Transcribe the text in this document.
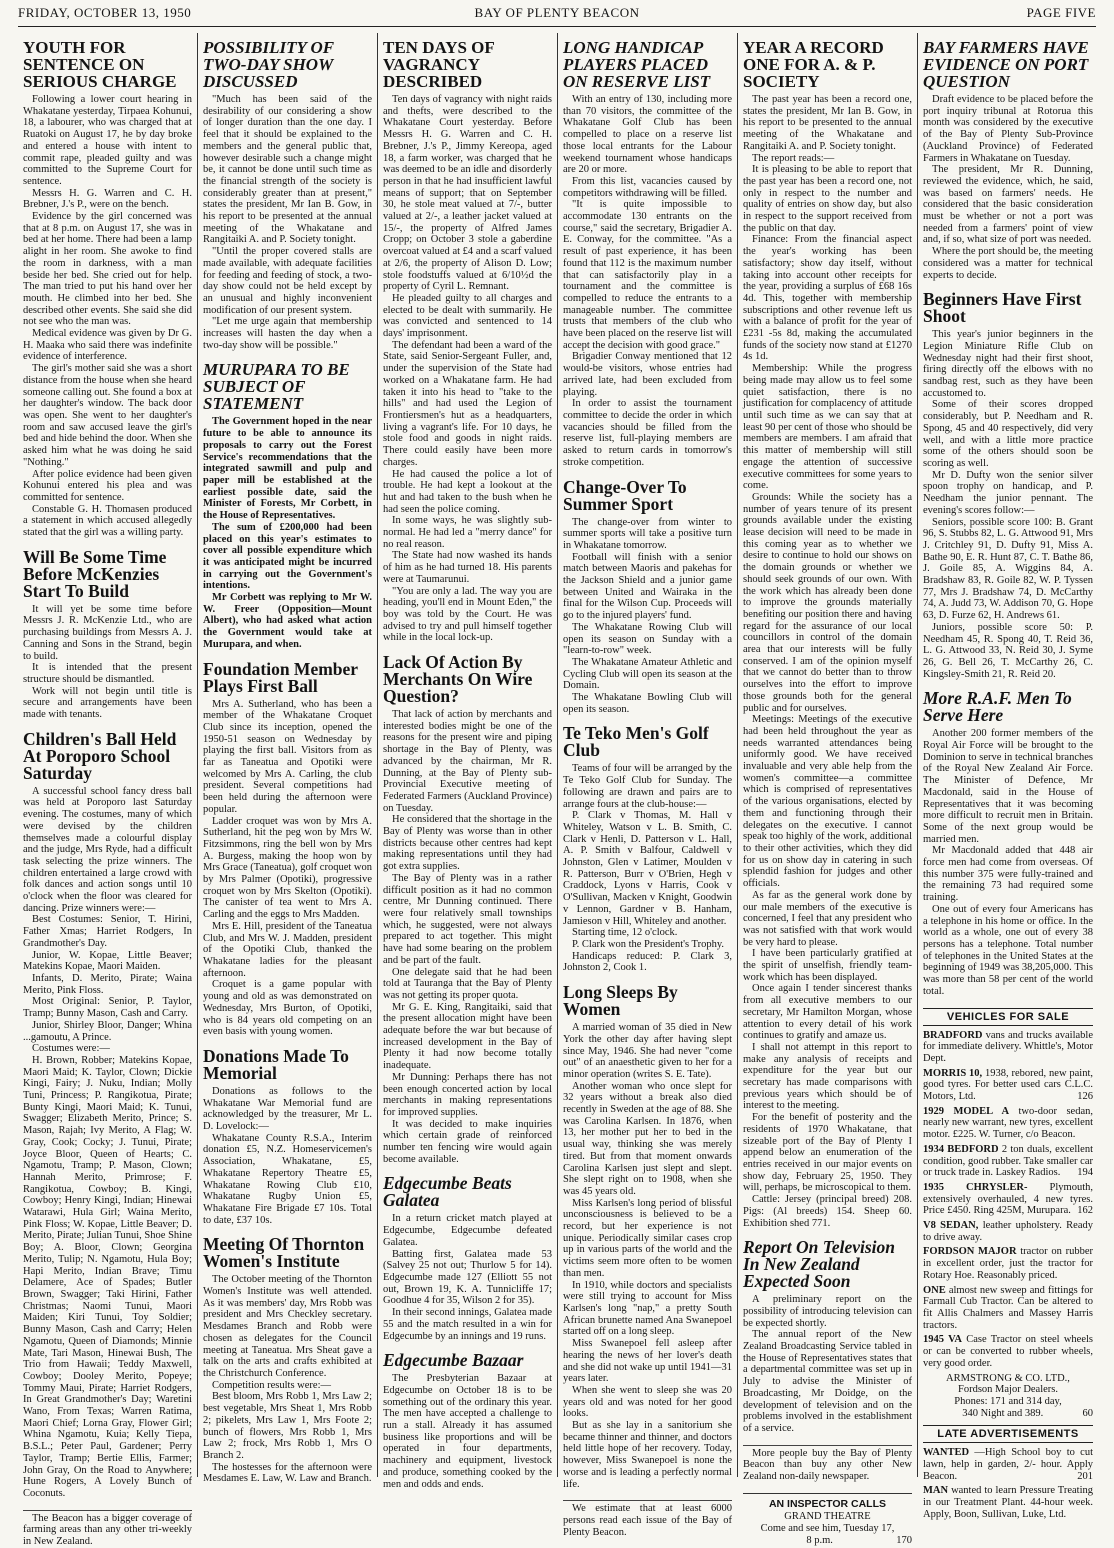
FRIDAY, OCTOBER 13, 1950	BAY OF PLENTY BEACON	PAGE FIVE
YOUTH FOR SENTENCE ON SERIOUS CHARGE

Following a lower court hearing in Whakatane yesterday, Tirpaea Kohunui, 18, a labourer, who was charged that at Ruatoki on August 17, he by day broke and entered a house with intent to commit rape, pleaded guilty and was committed to the Supreme Court for sentence.

Messrs H. G. Warren and C. H. Brebner, J.'s P., were on the bench.

Evidence by the girl concerned was that at 8 p.m. on August 17, she was in bed at her home. There had been a lamp alight in her room. She awoke to find the room in darkness, with a man beside her bed. She cried out for help. The man tried to put his hand over her mouth. He climbed into her bed. She described other events. She said she did not see who the man was.

Medical evidence was given by Dr G. H. Maaka who said there was indefinite evidence of interference.

The girl's mother said she was a short distance from the house when she heard someone calling out. She found a box at her daughter's window. The back door was open. She went to her daughter's room and saw accused leave the girl's bed and hide behind the door. When she asked him what he was doing he said "Nothing."

After police evidence had been given Kohunui entered his plea and was committed for sentence.

Constable G. H. Thomasen produced a statement in which accused allegedly stated that the girl was a willing party.

Will Be Some Time Before McKenzies Start To Build

It will yet be some time before Messrs J. R. McKenzie Ltd., who are purchasing buildings from Messrs A. J. Canning and Sons in the Strand, begin to build.

It is intended that the present structure should be dismantled.

Work will not begin until title is secure and arrangements have been made with tenants.

Children's Ball Held At Poroporo School Saturday

A successful school fancy dress ball was held at Poroporo last Saturday evening. The costumes, many of which were devised by the children themselves made a colourful display and the judge, Mrs Ryde, had a difficult task selecting the prize winners. The children entertained a large crowd with folk dances and action songs until 10 o'clock when the floor was cleared for dancing. Prize winners were:—

Best Costumes: Senior, T. Hirini, Father Xmas; Harriet Rodgers, In Grandmother's Day.

Junior, W. Kopae, Little Beaver; Matekins Kopae, Maori Maiden.

Infants, D. Merito, Pirate; Waina Merito, Pink Floss.

Most Original: Senior, P. Taylor, Tramp; Bunny Mason, Cash and Carry.

Junior, Shirley Bloor, Danger; Whina ...gamoutu, A Prince.

Costumes were:—

H. Brown, Robber; Matekins Kopae, Maori Maid; K. Taylor, Clown; Dickie Kingi, Fairy; J. Nuku, Indian; Molly Tuni, Princess; P. Rangikotua, Pirate; Bunty Kingi, Maori Maid; K. Tunui, Swagger; Elizabeth Merito, Prince; S. Mason, Rajah; Ivy Merito, A Flag; W. Gray, Cook; Cocky; J. Tunui, Pirate; Joyce Bloor, Queen of Hearts; C. Ngamotu, Tramp; P. Mason, Clown; Hannah Merito, Primrose; F. Rangikotua, Cowboy; B. Kingi, Cowboy; Henry Kingi, Indian; Hinewai Watarawi, Hula Girl; Waina Merito, Pink Floss; W. Kopae, Little Beaver; D. Merito, Pirate; Julian Tunui, Shoe Shine Boy; A. Bloor, Clown; Georgina Merito, Tulip; N. Ngamotu, Hula Boy; Hapi Merito, Indian Brave; Timu Delamere, Ace of Spades; Butler Brown, Swagger; Taki Hirini, Father Christmas; Naomi Tunui, Maori Maiden; Kiri Tunui, Toy Soldier; Bunny Mason, Cash and Carry; Helen Ngamotu, Queen of Diamonds; Minnie Mate, Tari Mason, Hinewai Bush, The Trio from Hawaii; Teddy Maxwell, Cowboy; Dooley Merito, Popeye; Tommy Maui, Pirate; Harriet Rodgers, In Great Grandmother's Day; Waretini Wano, From Texas; Warren Ratima, Maori Chief; Lorna Gray, Flower Girl; Whina Ngamotu, Kuia; Kelly Tiepa, B.S.L.; Peter Paul, Gardener; Perry Taylor, Tramp; Bertie Ellis, Farmer; John Gray, On the Road to Anywhere; Hune Rogers, A Lovely Bunch of Coconuts.

The Beacon has a bigger coverage of farming areas than any other tri-weekly in New Zealand.

POSSIBILITY OF TWO-DAY SHOW DISCUSSED

"Much has been said of the desirability of our considering a show of longer duration than the one day. I feel that it should be explained to the members and the general public that, however desirable such a change might be, it cannot be done until such time as the financial strength of the society is considerably greater than at present," states the president, Mr Ian B. Gow, in his report to be presented at the annual meeting of the Whakatane and Rangitaiki A. and P. Society tonight.

"Until the proper covered stalls are made available, with adequate facilities for feeding and feeding of stock, a two-day show could not be held except by an unusual and highly inconvenient modification of our present system.

"Let me urge again that membership increases will hasten the day when a two-day show will be possible."

MURUPARA TO BE SUBJECT OF STATEMENT

The Government hoped in the near future to be able to announce its proposals to carry out the Forest Service's recommendations that the integrated sawmill and pulp and paper mill be established at the earliest possible date, said the Minister of Forests, Mr Corbett, in the House of Representatives.

The sum of £200,000 had been placed on this year's estimates to cover all possible expenditure which it was anticipated might be incurred in carrying out the Government's intentions.

Mr Corbett was replying to Mr W. W. Freer (Opposition—Mount Albert), who had asked what action the Government would take at Murupara, and when.

Foundation Member Plays First Ball

Mrs A. Sutherland, who has been a member of the Whakatane Croquet Club since its inception, opened the 1950-51 season on Wednesday by playing the first ball. Visitors from as far as Taneatua and Opotiki were welcomed by Mrs A. Carling, the club president. Several competitions had been held during the afternoon were popular.

Ladder croquet was won by Mrs A. Sutherland, hit the peg won by Mrs W. Fitzsimmons, ring the bell won by Mrs A. Burgess, making the hoop won by Mrs Grace (Taneatua), golf croquet won by Mrs Palmer (Opotiki), progressive croquet won by Mrs Skelton (Opotiki). The canister of tea went to Mrs A. Carling and the eggs to Mrs Madden.

Mrs E. Hill, president of the Taneatua Club, and Mrs W. J. Madden, president of the Opotiki Club, thanked the Whakatane ladies for the pleasant afternoon.

Croquet is a game popular with young and old as was demonstrated on Wednesday, Mrs Burton, of Opotiki, who is 84 years old competing on an even basis with young women.

Donations Made To Memorial

Donations as follows to the Whakatane War Memorial fund are acknowledged by the treasurer, Mr L. D. Lovelock:—

Whakatane County R.S.A., Interim donation £5, N.Z. Homeservicemen's Association, Whakatane, £5, Whakatane Repertory Theatre £5, Whakatane Rowing Club £10, Whakatane Rugby Union £5, Whakatane Fire Brigade £7 10s. Total to date, £37 10s.

Meeting Of Thornton Women's Institute

The October meeting of the Thornton Women's Institute was well attended. As it was members' day, Mrs Robb was president and Mrs Checkley secretary. Mesdames Branch and Robb were chosen as delegates for the Council meeting at Taneatua. Mrs Sheat gave a talk on the arts and crafts exhibited at the Christchurch Conference.

Competition results were:—

Best bloom, Mrs Robb 1, Mrs Law 2; best vegetable, Mrs Sheat 1, Mrs Robb 2; pikelets, Mrs Law 1, Mrs Foote 2; bunch of flowers, Mrs Robb 1, Mrs Law 2; frock, Mrs Robb 1, Mrs O Branch 2.

The hostesses for the afternoon were Mesdames E. Law, W. Law and Branch.

TEN DAYS OF VAGRANCY DESCRIBED

Ten days of vagrancy with night raids and thefts, were described to the Whakatane Court yesterday. Before Messrs H. G. Warren and C. H. Brebner, J.'s P., Jimmy Kereopa, aged 18, a farm worker, was charged that he was deemed to be an idle and disorderly person in that he had insufficient lawful means of support; that on September 30, he stole meat valued at 7/-, butter valued at 2/-, a leather jacket valued at 15/-, the property of Alfred James Cropp; on October 3 stole a gaberdine overcoat valued at £4 and a scarf valued at 2/6, the property of Alison D. Low; stole foodstuffs valued at 6/10½d the property of Cyril L. Remnant.

He pleaded guilty to all charges and elected to be dealt with summarily. He was convicted and sentenced to 14 days' imprisonment.

The defendant had been a ward of the State, said Senior-Sergeant Fuller, and, under the supervision of the State had worked on a Whakatane farm. He had taken it into his head to "take to the hills" and had used the Legion of Frontiersmen's hut as a headquarters, living a vagrant's life. For 10 days, he stole food and goods in night raids. There could easily have been more charges.

He had caused the police a lot of trouble. He had kept a lookout at the hut and had taken to the bush when he had seen the police coming.

In some ways, he was slightly sub-normal. He had led a "merry dance" for no real reason.

The State had now washed its hands of him as he had turned 18. His parents were at Taumarunui.

"You are only a lad. The way you are heading, you'll end in Mount Eden," the boy was told by the Court. He was advised to try and pull himself together while in the local lock-up.

Lack Of Action By Merchants On Wire Question?

That lack of action by merchants and interested bodies might be one of the reasons for the present wire and piping shortage in the Bay of Plenty, was advanced by the chairman, Mr R. Dunning, at the Bay of Plenty sub-Provincial Executive meeting of Federated Farmers (Auckland Province) on Tuesday.

He considered that the shortage in the Bay of Plenty was worse than in other districts because other centres had kept making representations until they had got extra supplies.

The Bay of Plenty was in a rather difficult position as it had no common centre, Mr Dunning continued. There were four relatively small townships which, he suggested, were not always prepared to act together. This might have had some bearing on the problem and be part of the fault.

One delegate said that he had been told at Tauranga that the Bay of Plenty was not getting its proper quota.

Mr G. E. King, Rangitaiki, said that the present allocation might have been adequate before the war but because of increased development in the Bay of Plenty it had now become totally inadequate.

Mr Dunning: Perhaps there has not been enough concerted action by local merchants in making representations for improved supplies.

It was decided to make inquiries which certain grade of reinforced number ten fencing wire would again become available.

Edgecumbe Beats Galatea

In a return cricket match played at Edgecumbe, Edgecumbe defeated Galatea.

Batting first, Galatea made 53 (Salvey 25 not out; Thurlow 5 for 14). Edgecumbe made 127 (Elliott 55 not out, Brown 19, K. A. Tunnicliffe 17; Goodhue 4 for 35, Wilson 2 for 35).

In their second innings, Galatea made 55 and the match resulted in a win for Edgecumbe by an innings and 19 runs.

Edgecumbe Bazaar

The Presbyterian Bazaar at Edgecumbe on October 18 is to be something out of the ordinary this year. The men have accepted a challenge to run a stall. Already it has assumed business like proportions and will be operated in four departments, machinery and equipment, livestock and produce, something cooked by the men and odds and ends.

LONG HANDICAP PLAYERS PLACED ON RESERVE LIST

With an entry of 130, including more than 70 visitors, the committee of the Whakatane Golf Club has been compelled to place on a reserve list those local entrants for the Labour weekend tournament whose handicaps are 20 or more.

From this list, vacancies caused by competitors withdrawing will be filled.

"It is quite impossible to accommodate 130 entrants on the course," said the secretary, Brigadier A. E. Conway, for the committee. "As a result of past experience, it has been found that 112 is the maximum number that can satisfactorily play in a tournament and the committee is compelled to reduce the entrants to a manageable number. The committee trusts that members of the club who have been placed on the reserve list will accept the decision with good grace."

Brigadier Conway mentioned that 12 would-be visitors, whose entries had arrived late, had been excluded from playing.

In order to assist the tournament committee to decide the order in which vacancies should be filled from the reserve list, full-playing members are asked to return cards in tomorrow's stroke competition.

Change-Over To Summer Sport

The change-over from winter to summer sports will take a positive turn in Whakatane tomorrow.

Football will finish with a senior match between Maoris and pakehas for the Jackson Shield and a junior game between United and Wairaka in the final for the Wilson Cup. Proceeds will go to the injured players' fund.

The Whakatane Rowing Club will open its season on Sunday with a "learn-to-row" week.

The Whakatane Amateur Athletic and Cycling Club will open its season at the Domain.

The Whakatane Bowling Club will open its season.

Te Teko Men's Golf Club

Teams of four will be arranged by the Te Teko Golf Club for Sunday. The following are drawn and pairs are to arrange fours at the club-house:—

P. Clark v Thomas, M. Hall v Whiteley, Watson v L. B. Smith, C. Clark v Henli, D. Patterson v L. Hall, A. P. Smith v Balfour, Caldwell v Johnston, Glen v Latimer, Moulden v R. Patterson, Burr v O'Brien, Hegh v Craddock, Lyons v Harris, Cook v O'Sullivan, Macken v Knight, Goodwin v Lennon, Gardner v B. Hanham, Jamieson v Hill, Whiteley and another.

Starting time, 12 o'clock.

P. Clark won the President's Trophy.

Handicaps reduced: P. Clark 3, Johnston 2, Cook 1.

Long Sleeps By Women

A married woman of 35 died in New York the other day after having slept since May, 1946. She had never "come out" of an anaesthetic given to her for a minor operation (writes S. E. Tate).

Another woman who once slept for 32 years without a break also died recently in Sweden at the age of 88. She was Carolina Karlsen. In 1876, when 13, her mother put her to bed in the usual way, thinking she was merely tired. But from that moment onwards Carolina Karlsen just slept and slept. She slept right on to 1908, when she was 45 years old.

Miss Karlsen's long period of blissful unconsciousness is believed to be a record, but her experience is not unique. Periodically similar cases crop up in various parts of the world and the victims seem more often to be women than men.

In 1910, while doctors and specialists were still trying to account for Miss Karlsen's long "nap," a pretty South African brunette named Ana Swanepoel started off on a long sleep.

Miss Swanepoel fell asleep after hearing the news of her lover's death and she did not wake up until 1941—31 years later.

When she went to sleep she was 20 years old and was noted for her good looks.

But as she lay in a sanitorium she became thinner and thinner, and doctors held little hope of her recovery. Today, however, Miss Swanepoel is none the worse and is leading a perfectly normal life.

We estimate that at least 6000 persons read each issue of the Bay of Plenty Beacon.

YEAR A RECORD ONE FOR A. & P. SOCIETY

The past year has been a record one, states the president, Mr Ian B. Gow, in his report to be presented to the annual meeting of the Whakatane and Rangitaiki A. and P. Society tonight.

The report reads:—

It is pleasing to be able to report that the past year has been a record one, not only in respect to the number and quality of entries on show day, but also in respect to the support received from the public on that day.

Finance: From the financial aspect the year's working has been satisfactory; show day itself, without taking into account other receipts for the year, providing a surplus of £68 16s 4d. This, together with membership subscriptions and other revenue left us with a balance of profit for the year of £231 -5s 8d, making the accumulated funds of the society now stand at £1270 4s 1d.

Membership: While the progress being made may allow us to feel some quiet satisfaction, there is no justification for complacency of attitude until such time as we can say that at least 90 per cent of those who should be members are members. I am afraid that this matter of membership will still engage the attention of successive executive committees for some years to come.

Grounds: While the society has a number of years tenure of its present grounds available under the existing lease decision will need to be made in this coming year as to whether we desire to continue to hold our shows on the domain grounds or whether we should seek grounds of our own. With the work which has already been done to improve the grounds materially benefiting our position there and having regard for the assurance of our local councillors in control of the domain area that our interests will be fully conserved. I am of the opinion myself that we cannot do better than to throw ourselves into the effort to improve those grounds both for the general public and for ourselves.

Meetings: Meetings of the executive had been held throughout the year as needs warranted attendances being uniformly good. We have received invaluable and very able help from the women's committee—a committee which is comprised of representatives of the various organisations, elected by them and functioning through their delegates on the executive. I cannot speak too highly of the work, additional to their other activities, which they did for us on show day in catering in such splendid fashion for judges and other officials.

As far as the general work done by our male members of the executive is concerned, I feel that any president who was not satisfied with that work would be very hard to please.

I have been particularly gratified at the spirit of unselfish, friendly team-work which has been displayed.

Once again I tender sincerest thanks from all executive members to our secretary, Mr Hamilton Morgan, whose attention to every detail of his work continues to gratify and amaze us.

I shall not attempt in this report to make any analysis of receipts and expenditure for the year but our secretary has made comparisons with previous years which should be of interest to the meeting.

For the benefit of posterity and the residents of 1970 Whakatane, that sizeable port of the Bay of Plenty I append below an enumeration of the entries received in our major events on show day, February 25, 1950. They will, perhaps, be microscopical to them.

Cattle: Jersey (principal breed) 208. Pigs: (Al breeds) 154. Sheep 60. Exhibition shed 771.

Report On Television In New Zealand Expected Soon

A preliminary report on the possibility of introducing television can be expected shortly.

The annual report of the New Zealand Broadcasting Service tabled in the House of Representatives states that a departmental committee was set up in July to advise the Minister of Broadcasting, Mr Doidge, on the development of television and on the problems involved in the establishment of a service.

More people buy the Bay of Plenty Beacon than buy any other New Zealand non-daily newspaper.

AN INSPECTOR CALLS

GRAND THEATRE

Come and see him, Tuesday 17,

8 p.m.	170

BAY FARMERS HAVE EVIDENCE ON PORT QUESTION

Draft evidence to be placed before the port inquiry tribunal at Rotorua this month was considered by the executive of the Bay of Plenty Sub-Province (Auckland Province) of Federated Farmers in Whakatane on Tuesday.

The president, Mr R. Dunning, reviewed the evidence, which, he said, was based on farmers' needs. He considered that the basic consideration must be whether or not a port was needed from a farmers' point of view and, if so, what size of port was needed.

Where the port should be, the meeting considered was a matter for technical experts to decide.

Beginners Have First Shoot

This year's junior beginners in the Legion Miniature Rifle Club on Wednesday night had their first shoot, firing directly off the elbows with no sandbag rest, such as they have been accustomed to.

Some of their scores dropped considerably, but P. Needham and R. Spong, 45 and 40 respectively, did very well, and with a little more practice some of the others should soon be scoring as well.

Mr D. Dufty won the senior silver spoon trophy on handicap, and P. Needham the junior pennant. The evening's scores follow:—

Seniors, possible score 100: B. Grant 96, S. Stubbs 82, L. G. Attwood 91, Mrs J. Critchley 91, D. Dufty 91, Miss A. Bathe 90, E. R. Hunt 87, C. T. Bathe 86, J. Goile 85, A. Wiggins 84, A. Bradshaw 83, R. Goile 82, W. P. Tyssen 77, Mrs J. Bradshaw 74, D. McCarthy 74, A. Judd 73, W. Addison 70, G. Hope 63, D. Furze 62, H. Andrews 61.

Juniors, possible score 50: P. Needham 45, R. Spong 40, T. Reid 36, L. G. Attwood 33, N. Reid 30, J. Syme 26, G. Bell 26, T. McCarthy 26, C. Kingsley-Smith 21, R. Reid 20.

More R.A.F. Men To Serve Here

Another 200 former members of the Royal Air Force will be brought to the Dominion to serve in technical branches of the Royal New Zealand Air Force. The Minister of Defence, Mr Macdonald, said in the House of Representatives that it was becoming more difficult to recruit men in Britain. Some of the next group would be married men.

Mr Macdonald added that 448 air force men had come from overseas. Of this number 375 were fully-trained and the remaining 73 had required some training.

One out of every four Americans has a telephone in his home or office. In the world as a whole, one out of every 38 persons has a telephone. Total number of telephones in the United States at the beginning of 1949 was 38,205,000. This was more than 58 per cent of the world total.

VEHICLES FOR SALE

BRADFORD vans and trucks available for immediate delivery. Whittle's, Motor Dept.

MORRIS 10, 1938, rebored, new paint, good tyres. For better used cars C.L.C. Motors, Ltd.	126

1929 MODEL A two-door sedan, nearly new warrant, new tyres, excellent motor. £225. W. Turner, c/o Beacon.

1934 BEDFORD 2 ton duals, excellent condition, good rubber. Take smaller car or truck trade in. Laskey Radios. 194

1935 CHRYSLER- Plymouth, extensively overhauled, 4 new tyres. Price £450. Ring 425M, Murupara. 162

V8 SEDAN, leather upholstery. Ready to drive away.

FORDSON MAJOR tractor on rubber in excellent order, just the tractor for Rotary Hoe. Reasonably priced.

ONE almost new sweep and fittings for Farmall Cub Tractor. Can be altered to fit Allis Chalmers and Massey Harris tractors.

1945 VA Case Tractor on steel wheels or can be converted to rubber wheels, very good order.

ARMSTRONG & CO. LTD.,

Fordson Major Dealers.

Phones: 171 and 314 day,

340 Night and 389.	60

LATE ADVERTISEMENTS

WANTED —High School boy to cut lawn, help in garden, 2/- hour. Apply Beacon.	201

MAN wanted to learn Pressure Treating in our Treatment Plant. 44-hour week. Apply, Boon, Sullivan, Luke, Ltd.
